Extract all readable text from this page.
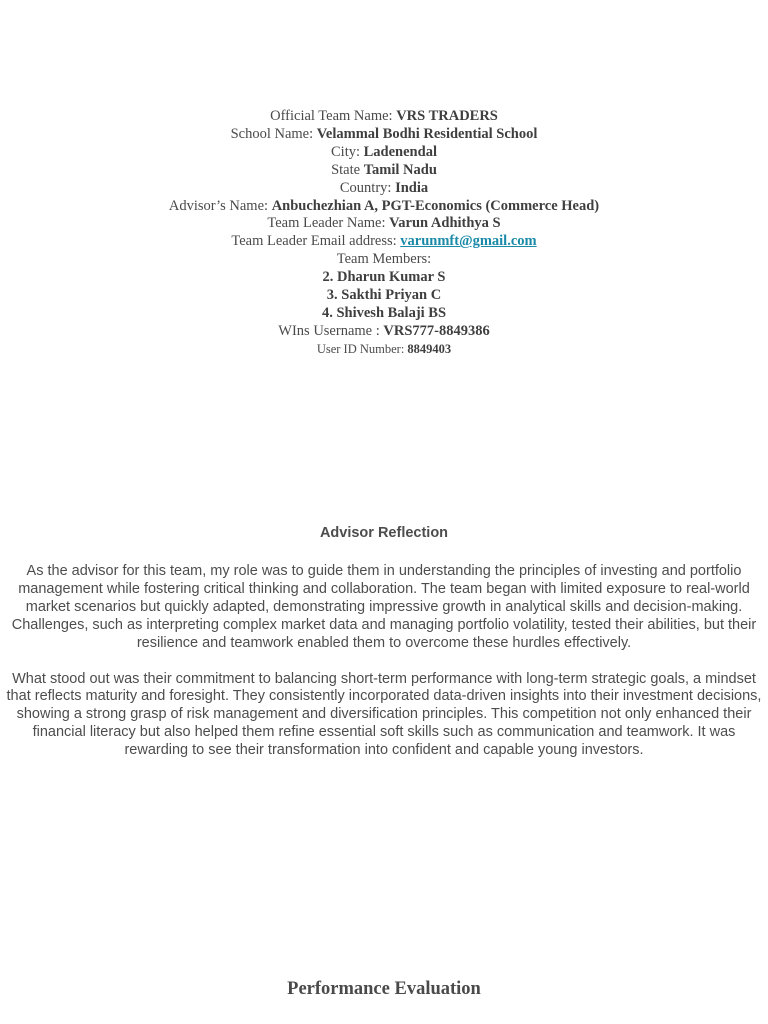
Official Team Name: VRS TRADERS

School Name: Velammal Bodhi Residential School

City: Ladenendal

State Tamil Nadu

Country: India

Advisor’s Name: Anbuchezhian A, PGT-Economics (Commerce Head)

Team Leader Name: Varun Adhithya S

Team Leader Email address: varunmft@gmail.com

Team Members:

2. Dharun Kumar S

3. Sakthi Priyan C

4. Shivesh Balaji BS

WIns Username : VRS777-8849386

User ID Number: 8849403

Advisor Reflection

As the advisor for this team, my role was to guide them in understanding the principles of investing and portfolio management while fostering critical thinking and collaboration. The team began with limited exposure to real-world market scenarios but quickly adapted, demonstrating impressive growth in analytical skills and decision-making. Challenges, such as interpreting complex market data and managing portfolio volatility, tested their abilities, but their resilience and teamwork enabled them to overcome these hurdles effectively.

What stood out was their commitment to balancing short-term performance with long-term strategic goals, a mindset that reflects maturity and foresight. They consistently incorporated data-driven insights into their investment decisions, showing a strong grasp of risk management and diversification principles. This competition not only enhanced their financial literacy but also helped them refine essential soft skills such as communication and teamwork. It was rewarding to see their transformation into confident and capable young investors.

Performance Evaluation
